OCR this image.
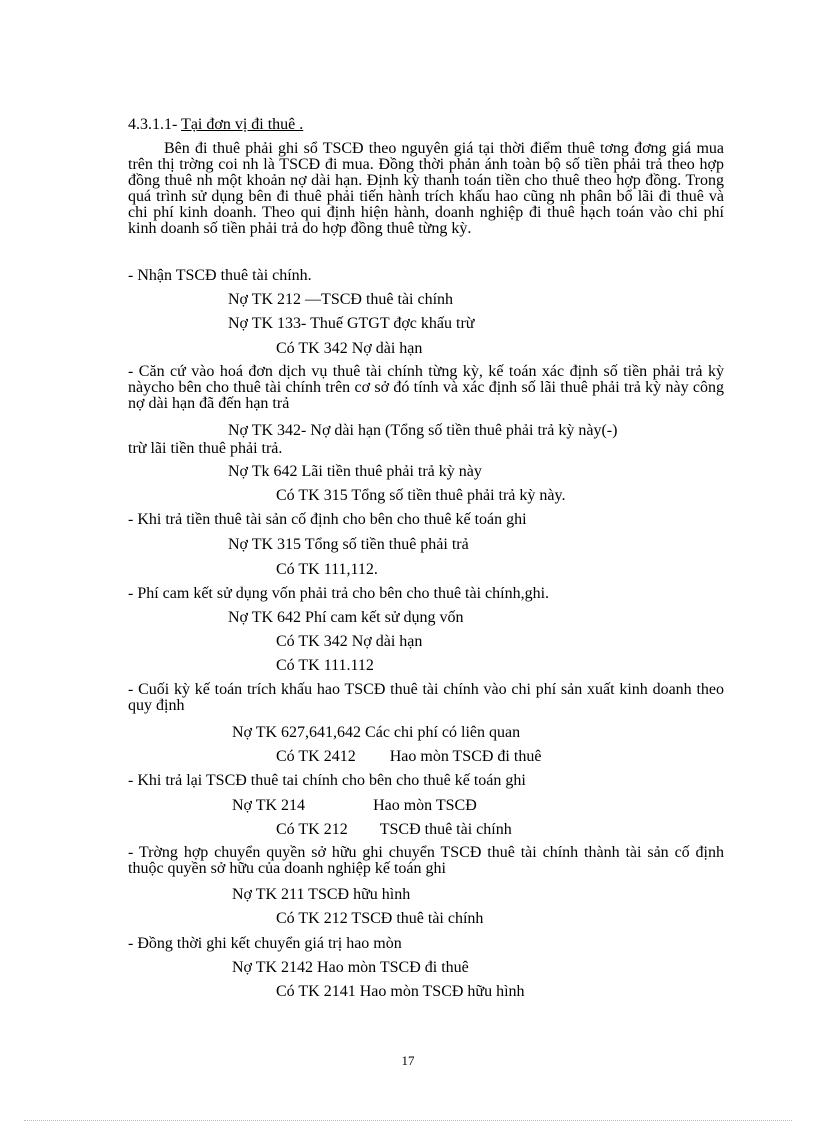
4.3.1.1- Tại đơn vị đi thuê .
Bên đi thuê phải ghi sổ TSCĐ theo nguyên giá tại thời điểm thuê tơng đơng giá mua trên thị trờng coi nh là TSCĐ đi mua. Đồng thời phản ánh toàn bộ số tiền phải trả theo hợp đồng thuê nh một khoản nợ dài hạn. Định kỳ thanh toán tiền cho thuê theo hợp đồng. Trong quá trình sử dụng bên đi thuê phải tiến hành trích khấu hao cũng nh phân bổ lãi đi thuê và chi phí kinh doanh. Theo qui định hiện hành, doanh nghiệp đi thuê hạch toán vào chi phí kinh doanh số tiền phải trả do hợp đồng thuê từng kỳ.
- Nhận TSCĐ thuê tài chính.
Nợ TK 212 —TSCĐ thuê tài chính
Nợ TK 133- Thuế GTGT đợc khấu trừ
Có TK 342 Nợ dài hạn
- Căn cứ vào hoá đơn dịch vụ thuê tài chính từng kỳ, kế toán xác định số tiền phải trả kỳ nàycho bên cho thuê tài chính trên cơ sở đó tính và xác định số lãi thuê phải trả kỳ này công nợ dài hạn đã đến hạn trả
Nợ TK 342- Nợ dài hạn (Tổng số tiền thuê phải trả kỳ này(-)
trừ lãi tiền thuê phải trả.
Nợ Tk 642 Lãi tiền thuê phải trả kỳ này
Có TK 315 Tổng số tiền thuê phải trả kỳ này.
- Khi trả tiền thuê tài sản cố định cho bên cho thuê kế toán ghi
Nợ TK 315 Tổng số tiền thuê phải trả
Có TK 111,112.
- Phí cam kết sử dụng vốn phải trả cho bên cho thuê tài chính,ghi.
Nợ TK 642 Phí cam kết sử dụng vốn
Có TK 342 Nợ dài hạn
Có TK 111.112
- Cuối kỳ kế toán trích khấu hao TSCĐ thuê tài chính vào chi phí sản xuất kinh doanh theo quy định
Nợ TK 627,641,642 Các chi phí có liên quan
Có TK 2412 Hao mòn TSCĐ đi thuê
- Khi trả lại TSCĐ thuê tai chính cho bên cho thuê kế toán ghi
Nợ TK 214	Hao mòn TSCĐ
Có TK 212 TSCĐ thuê tài chính
- Trờng hợp chuyển quyền sở hữu ghi chuyển TSCĐ thuê tài chính thành tài sản cố định thuộc quyền sở hữu của doanh nghiệp kế toán ghi
Nợ TK 211 TSCĐ hữu hình
Có TK 212 TSCĐ thuê tài chính
- Đồng thời ghi kết chuyển giá trị hao mòn
Nợ TK 2142 Hao mòn TSCĐ đi thuê
Có TK 2141 Hao mòn TSCĐ hữu hình
17
